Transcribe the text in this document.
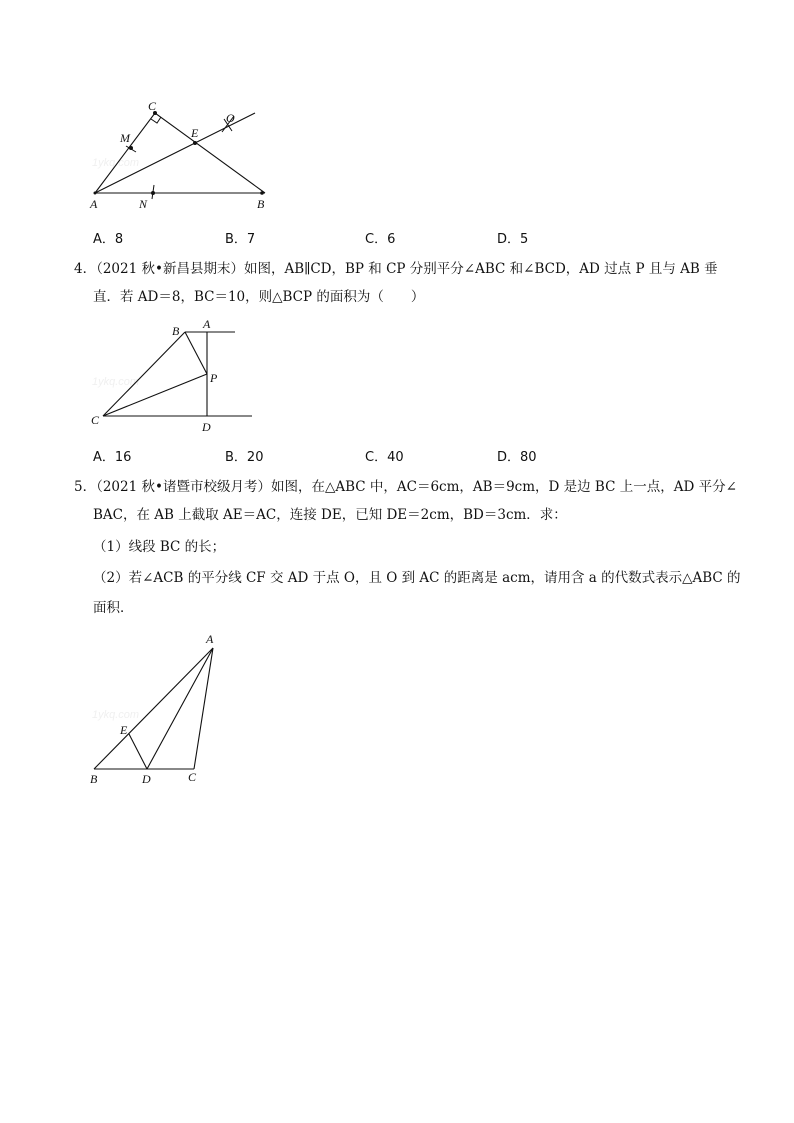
1ykq.com
C
M	E
O
A	N	B
A．8	B．7	C．6	D．5
4．（2021 秋•新昌县期末）如图，AB∥CD，BP 和 CP 分别平分∠ABC 和∠BCD，AD 过点 P 且与 AB 垂
直．若 AD＝8，BC＝10，则△BCP 的面积为（　　）
1ykq.com
B A
P
C	D
A．16	B．20	C．40	D．80
5．（2021 秋•诸暨市校级月考）如图，在△ABC 中，AC＝6cm，AB＝9cm，D 是边 BC 上一点，AD 平分∠
BAC，在 AB 上截取 AE＝AC，连接 DE，已知 DE＝2cm，BD＝3cm．求：
（1）线段 BC 的长；
（2）若∠ACB 的平分线 CF 交 AD 于点 O，且 O 到 AC 的距离是 acm，请用含 a 的代数式表示△ABC 的
面积．
1ykq.com
A
E
B	D	C
